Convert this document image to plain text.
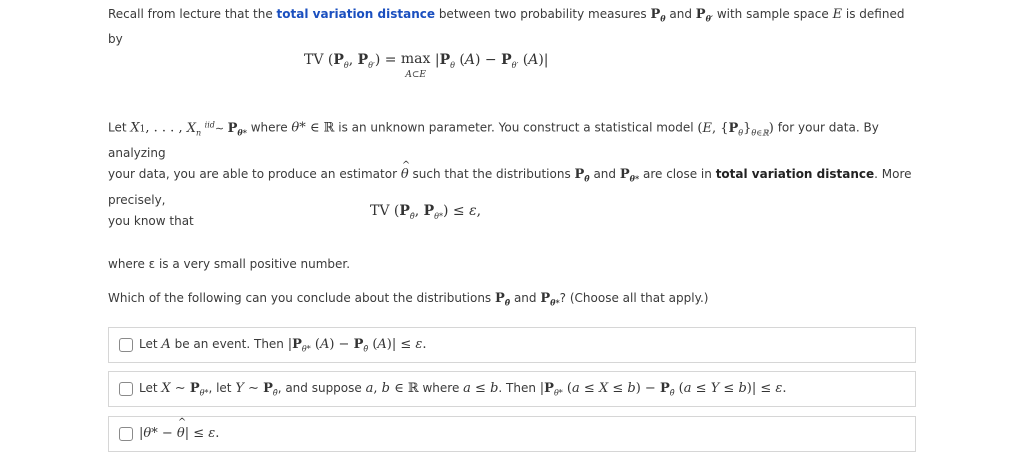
Recall from lecture that the total variation distance between two probability measures $P_\theta$ and $P_{\theta'}$ with sample space E is defined by
TV ($P_\theta$, $P_{\theta'}) = \max$
A⊂E $|P_\theta$ $(A) - P_{\theta'}$ (A)|
Let X1, . . . , $X_n$ $^{iid}$∼ $P_{\theta*}$ where θ* ∈ ℝ is an unknown parameter. You construct a statistical model (E, $\{P_\theta\}_{\theta\in ℝ}$) for your data. By analyzing
your data, you are able to produce an estimator ^ θ such that the distributions $P_{\thetâ}$ and $P_{\theta*}$ are close in total variation distance. More precisely,
you know that
TV ($P_{\thetâ}$, $P_{\theta*}) \le \varepsilon$,
where ε is a very small positive number.
Which of the following can you conclude about the distributions $P_{\thetâ}$ and $P_{\theta*}$? (Choose all that apply.)
Let A be an event. Then $|P_{\theta*}$ $(A) - P_{\thetâ}$ (A)| ≤ ε.
Let X ∼ $P_{\theta*}$, let Y ∼ $P_{\thetâ}$, and suppose a, b ∈ ℝ where a ≤ b. Then $|P_{\theta*}$ $(a \le X \le b) - P_{\thetâ}$ (a ≤ Y ≤ b)| ≤ ε.
|θ* − ^ θ| ≤ ε.
